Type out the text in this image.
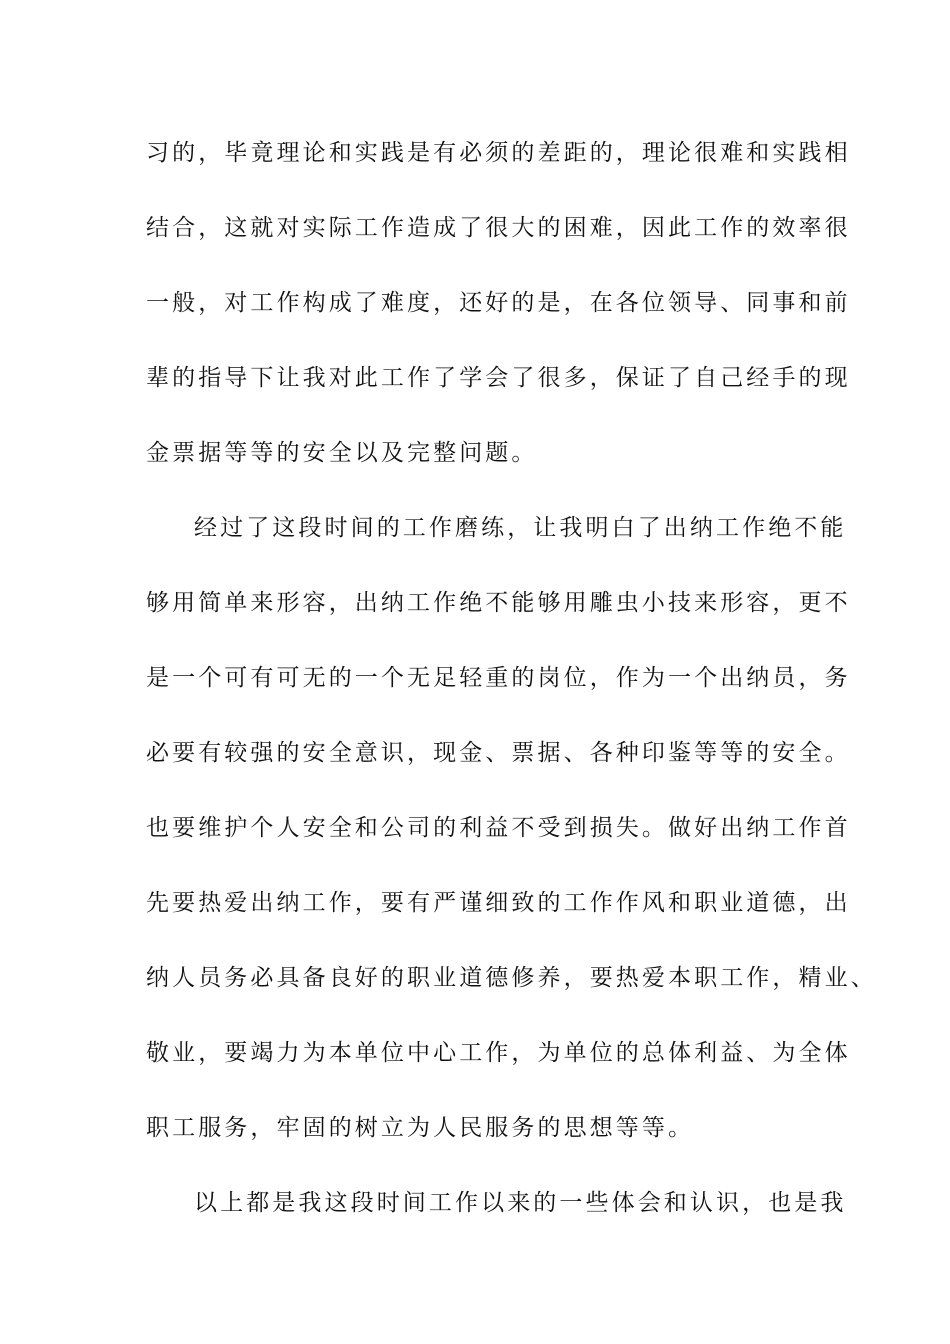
习的，毕竟理论和实践是有必须的差距的，理论很难和实践相
结合，这就对实际工作造成了很大的困难，因此工作的效率很
一般，对工作构成了难度，还好的是，在各位领导、同事和前
辈的指导下让我对此工作了学会了很多，保证了自己经手的现
金票据等等的安全以及完整问题。
经过了这段时间的工作磨练，让我明白了出纳工作绝不能
够用简单来形容，出纳工作绝不能够用雕虫小技来形容，更不
是一个可有可无的一个无足轻重的岗位，作为一个出纳员，务
必要有较强的安全意识，现金、票据、各种印鉴等等的安全。
也要维护个人安全和公司的利益不受到损失。做好出纳工作首
先要热爱出纳工作，要有严谨细致的工作作风和职业道德，出
纳人员务必具备良好的职业道德修养，要热爱本职工作，精业、
敬业，要竭力为本单位中心工作，为单位的总体利益、为全体
职工服务，牢固的树立为人民服务的思想等等。
以上都是我这段时间工作以来的一些体会和认识，也是我
